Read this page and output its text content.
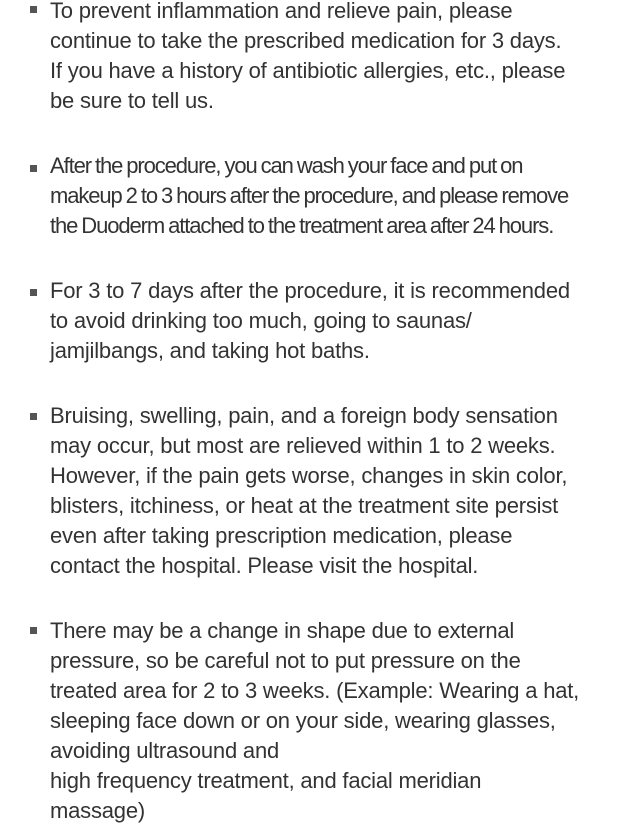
To prevent inflammation and relieve pain, please
continue to take the prescribed medication for 3 days.
If you have a history of antibiotic allergies, etc., please
be sure to tell us.
After the procedure, you can wash your face and put on
makeup 2 to 3 hours after the procedure, and please remove
the Duoderm attached to the treatment area after 24 hours.
For 3 to 7 days after the procedure, it is recommended
to avoid drinking too much, going to saunas/
jamjilbangs, and taking hot baths.
Bruising, swelling, pain, and a foreign body sensation
may occur, but most are relieved within 1 to 2 weeks.
However, if the pain gets worse, changes in skin color,
blisters, itchiness, or heat at the treatment site persist
even after taking prescription medication, please
contact the hospital. Please visit the hospital.
There may be a change in shape due to external
pressure, so be careful not to put pressure on the
treated area for 2 to 3 weeks. (Example: Wearing a hat,
sleeping face down or on your side, wearing glasses,
avoiding ultrasound and
high frequency treatment, and facial meridian
massage)
